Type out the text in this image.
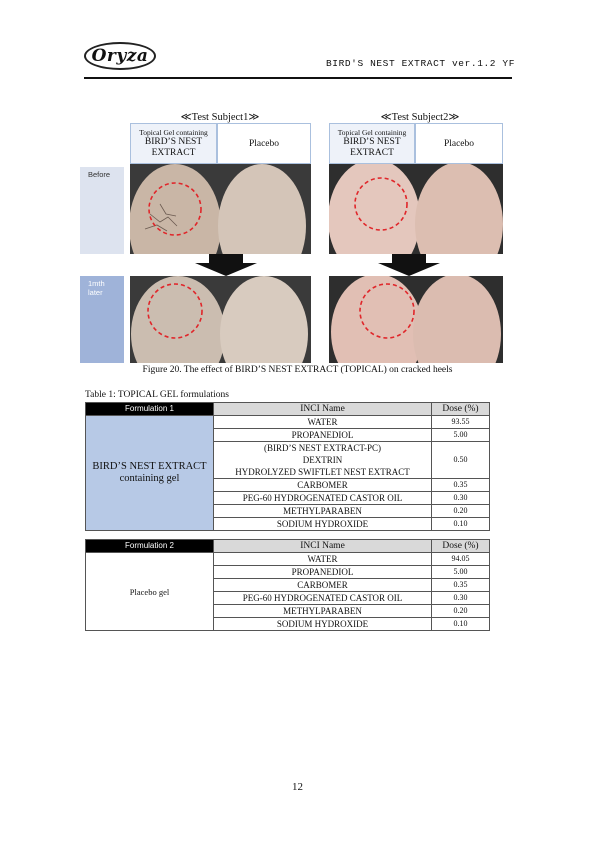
Oryza	BIRD'S NEST EXTRACT ver.1.2 YF
≪Test Subject1≫	≪Test Subject2≫
Topical Gel containing
BIRD’S NEST
EXTRACT
Placebo
Topical Gel containing
BIRD’S NEST
EXTRACT
Placebo
Before
1mth
later
Figure 20. The effect of BIRD’S NEST EXTRACT (TOPICAL) on cracked heels
Table 1: TOPICAL GEL formulations
Formulation 1	INCI Name	Dose (%)
BIRD’S NEST EXTRACT
containing gel	WATER	93.55
	PROPANEDIOL	5.00

	(BIRD’S NEST EXTRACT-PC)
DEXTRIN
HYDROLYZED SWIFTLET NEST EXTRACT	0.50
	CARBOMER	0.35
	PEG-60 HYDROGENATED CASTOR OIL	0.30
	METHYLPARABEN	0.20
	SODIUM HYDROXIDE	0.10
Formulation 2	INCI Name	Dose (%)
Placebo gel	WATER	94.05
	PROPANEDIOL	5.00
	CARBOMER	0.35
	PEG-60 HYDROGENATED CASTOR OIL	0.30
	METHYLPARABEN	0.20
	SODIUM HYDROXIDE	0.10
12
